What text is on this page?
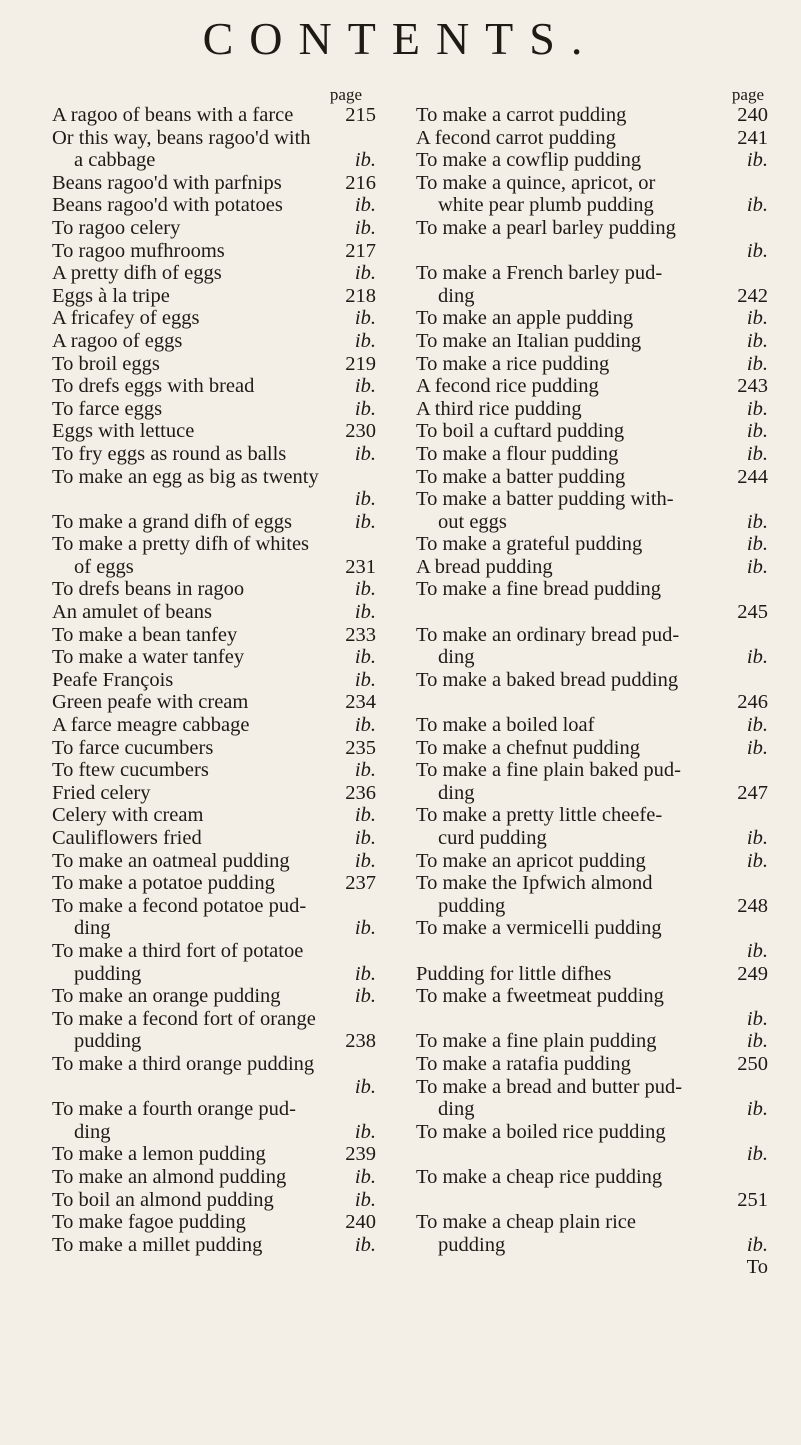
CONTENTS.
page
A ragoo of beans with a farce	215
Or this way, beans ragoo'd with
a cabbage	ib.
Beans ragoo'd with parfnips	216
Beans ragoo'd with potatoes	ib.
To ragoo celery	ib.
To ragoo mufhrooms	217
A pretty difh of eggs	ib.
Eggs à la tripe	218
A fricafey of eggs	ib.
A ragoo of eggs	ib.
To broil eggs	219
To drefs eggs with bread	ib.
To farce eggs	ib.
Eggs with lettuce	230
To fry eggs as round as balls	ib.
To make an egg as big as twenty
ib.
To make a grand difh of eggs	ib.
To make a pretty difh of whites
of eggs	231
To drefs beans in ragoo	ib.
An amulet of beans	ib.
To make a bean tanfey	233
To make a water tanfey	ib.
Peafe François	ib.
Green peafe with cream	234
A farce meagre cabbage	ib.
To farce cucumbers	235
To ftew cucumbers	ib.
Fried celery	236
Celery with cream	ib.
Cauliflowers fried	ib.
To make an oatmeal pudding	ib.
To make a potatoe pudding	237
To make a fecond potatoe pud-
ding	ib.
To make a third fort of potatoe
pudding	ib.
To make an orange pudding	ib.
To make a fecond fort of orange
pudding	238
To make a third orange pudding
ib.
To make a fourth orange pud-
ding	ib.
To make a lemon pudding	239
To make an almond pudding	ib.
To boil an almond pudding	ib.
To make fagoe pudding	240
To make a millet pudding	ib.
page
To make a carrot pudding	240
A fecond carrot pudding	241
To make a cowflip pudding	ib.
To make a quince, apricot, or
white pear plumb pudding	ib.
To make a pearl barley pudding
ib.
To make a French barley pud-
ding	242
To make an apple pudding	ib.
To make an Italian pudding	ib.
To make a rice pudding	ib.
A fecond rice pudding	243
A third rice pudding	ib.
To boil a cuftard pudding	ib.
To make a flour pudding	ib.
To make a batter pudding	244
To make a batter pudding with-
out eggs	ib.
To make a grateful pudding	ib.
A bread pudding	ib.
To make a fine bread pudding
245
To make an ordinary bread pud-
ding	ib.
To make a baked bread pudding
246
To make a boiled loaf	ib.
To make a chefnut pudding	ib.
To make a fine plain baked pud-
ding	247
To make a pretty little cheefe-
curd pudding	ib.
To make an apricot pudding	ib.
To make the Ipfwich almond
pudding	248
To make a vermicelli pudding
ib.
Pudding for little difhes	249
To make a fweetmeat pudding
ib.
To make a fine plain pudding	ib.
To make a ratafia pudding	250
To make a bread and butter pud-
ding	ib.
To make a boiled rice pudding
ib.
To make a cheap rice pudding
251
To make a cheap plain rice
pudding	ib.
To
